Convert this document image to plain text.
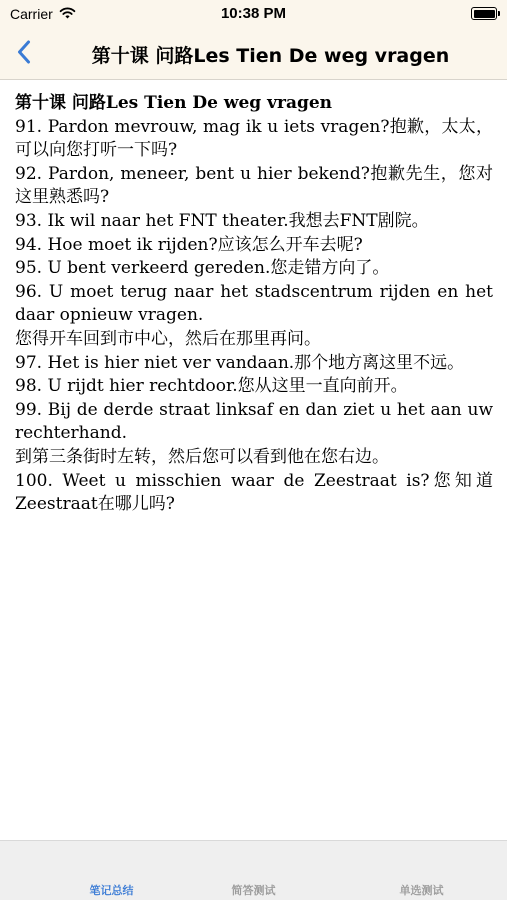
Carrier	10:38 PM
第十课 问路Les Tien De weg vragen
第十课 问路Les Tien De weg vragen

91. Pardon mevrouw, mag ik u iets vragen?抱歉，太太，可以向您打听一下吗?

92. Pardon, meneer, bent u hier bekend?抱歉先生，您对这里熟悉吗?

93. Ik wil naar het FNT theater.我想去FNT剧院。

94. Hoe moet ik rijden?应该怎么开车去呢?

95. U bent verkeerd gereden.您走错方向了。

96. U moet terug naar het stadscentrum rijden en het daar opnieuw vragen.

您得开车回到市中心，然后在那里再问。

97. Het is hier niet ver vandaan.那个地方离这里不远。

98. U rijdt hier rechtdoor.您从这里一直向前开。

99. Bij de derde straat linksaf en dan ziet u het aan uw rechterhand.

到第三条街时左转，然后您可以看到他在您右边。

100. Weet u misschien waar de Zeestraat is?您知道Zeestraat在哪儿吗?

笔记总结	简答测试	单选测试
